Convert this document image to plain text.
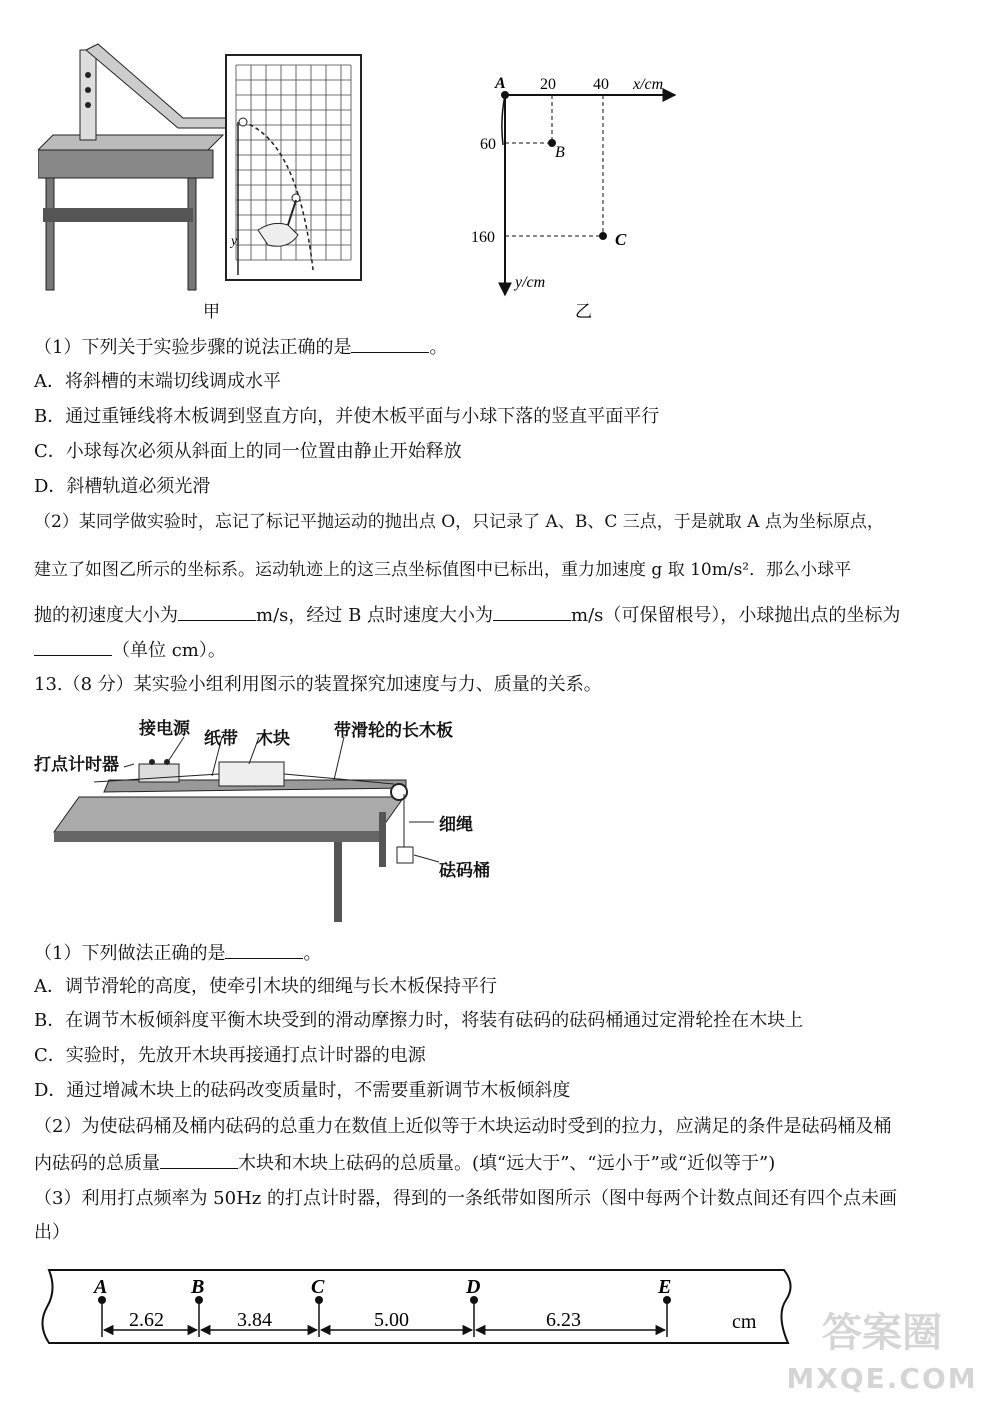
y
甲
A
B
C
20 40 x/cm
60
160
y/cm
乙
（1）下列关于实验步骤的说法正确的是	。
A．将斜槽的末端切线调成水平
B．通过重锤线将木板调到竖直方向，并使木板平面与小球下落的竖直平面平行
C．小球每次必须从斜面上的同一位置由静止开始释放
D．斜槽轨道必须光滑
（2）某同学做实验时，忘记了标记平抛运动的抛出点 O，只记录了 A、B、C 三点，于是就取 A 点为坐标原点，
建立了如图乙所示的坐标系。运动轨迹上的这三点坐标值图中已标出，重力加速度 g 取 10m/s²．那么小球平
抛的初速度大小为	m/s，经过 B 点时速度大小为	m/s（可保留根号），小球抛出点的坐标为
（单位 cm）。
13.（8 分）某实验小组利用图示的装置探究加速度与力、质量的关系。
接电源 纸带 木块	带滑轮的长木板
打点计时器
细绳
砝码桶
（1）下列做法正确的是	。
A．调节滑轮的高度，使牵引木块的细绳与长木板保持平行
B．在调节木板倾斜度平衡木块受到的滑动摩擦力时，将装有砝码的砝码桶通过定滑轮拴在木块上
C．实验时，先放开木块再接通打点计时器的电源
D．通过增减木块上的砝码改变质量时，不需要重新调节木板倾斜度
（2）为使砝码桶及桶内砝码的总重力在数值上近似等于木块运动时受到的拉力，应满足的条件是砝码桶及桶
内砝码的总质量	木块和木块上砝码的总质量。(填“远大于”、“远小于”或“近似等于”)
（3）利用打点频率为 50Hz 的打点计时器，得到的一条纸带如图所示（图中每两个计数点间还有四个点未画
出）
A	B	C	D	E
2.62	3.84	5.00	6.23	cm	答案圈
MXQE.COM
